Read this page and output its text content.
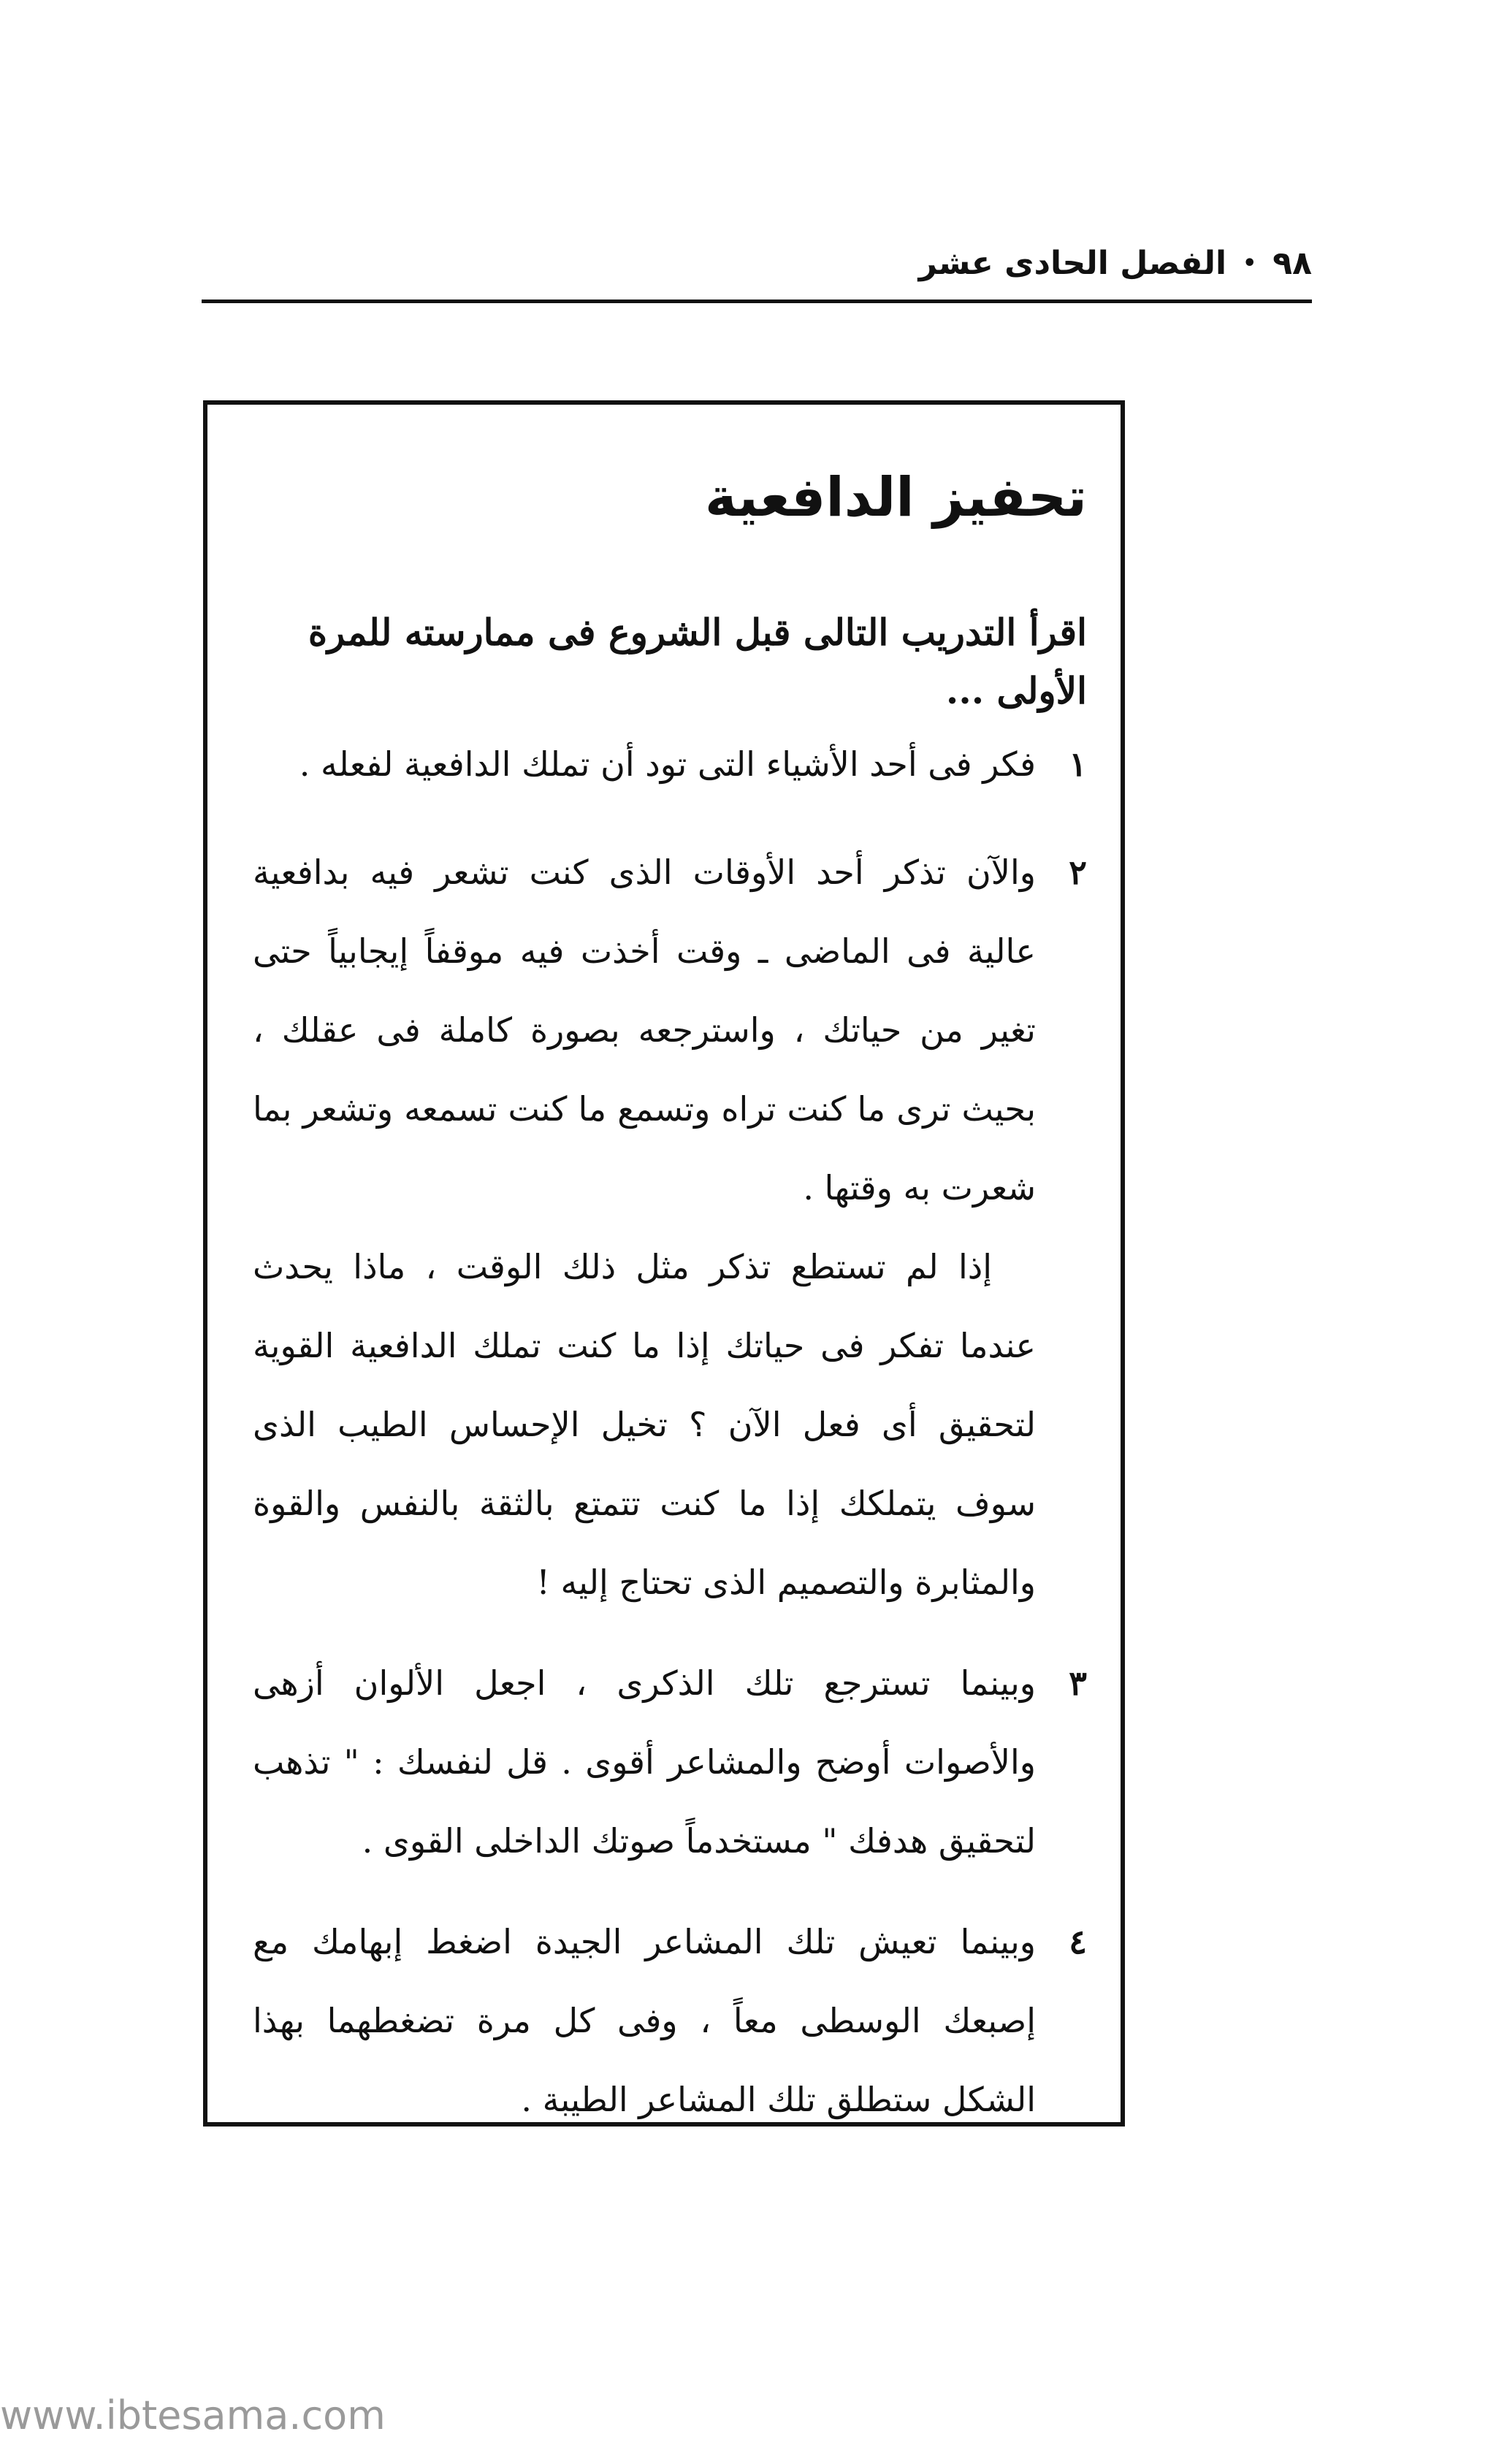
٩٨
•
الفصل الحادى عشر
تحفيز الدافعية

اقرأ التدريب التالى قبل الشروع فى ممارسته للمرة الأولى ...

١

فكر فى أحد الأشياء التى تود أن تملك الدافعية لفعله .

٢

والآن تذكر أحد الأوقات الذى كنت تشعر فيه بدافعية عالية فى الماضى ـ وقت أخذت فيه موقفاً إيجابياً حتى تغير من حياتك ، واسترجعه بصورة كاملة فى عقلك ، بحيث ترى ما كنت تراه وتسمع ما كنت تسمعه وتشعر بما شعرت به وقتها .

إذا لم تستطع تذكر مثل ذلك الوقت ، ماذا يحدث عندما تفكر فى حياتك إذا ما كنت تملك الدافعية القوية لتحقيق أى فعل الآن ؟ تخيل الإحساس الطيب الذى سوف يتملكك إذا ما كنت تتمتع بالثقة بالنفس والقوة والمثابرة والتصميم الذى تحتاج إليه !

٣

وبينما تسترجع تلك الذكرى ، اجعل الألوان أزهى والأصوات أوضح والمشاعر أقوى . قل لنفسك : " تذهب لتحقيق هدفك " مستخدماً صوتك الداخلى القوى .

٤

وبينما تعيش تلك المشاعر الجيدة اضغط إبهامك مع إصبعك الوسطى معاً ، وفى كل مرة تضغطهما بهذا الشكل ستطلق تلك المشاعر الطيبة .

www.ibtesama.com
